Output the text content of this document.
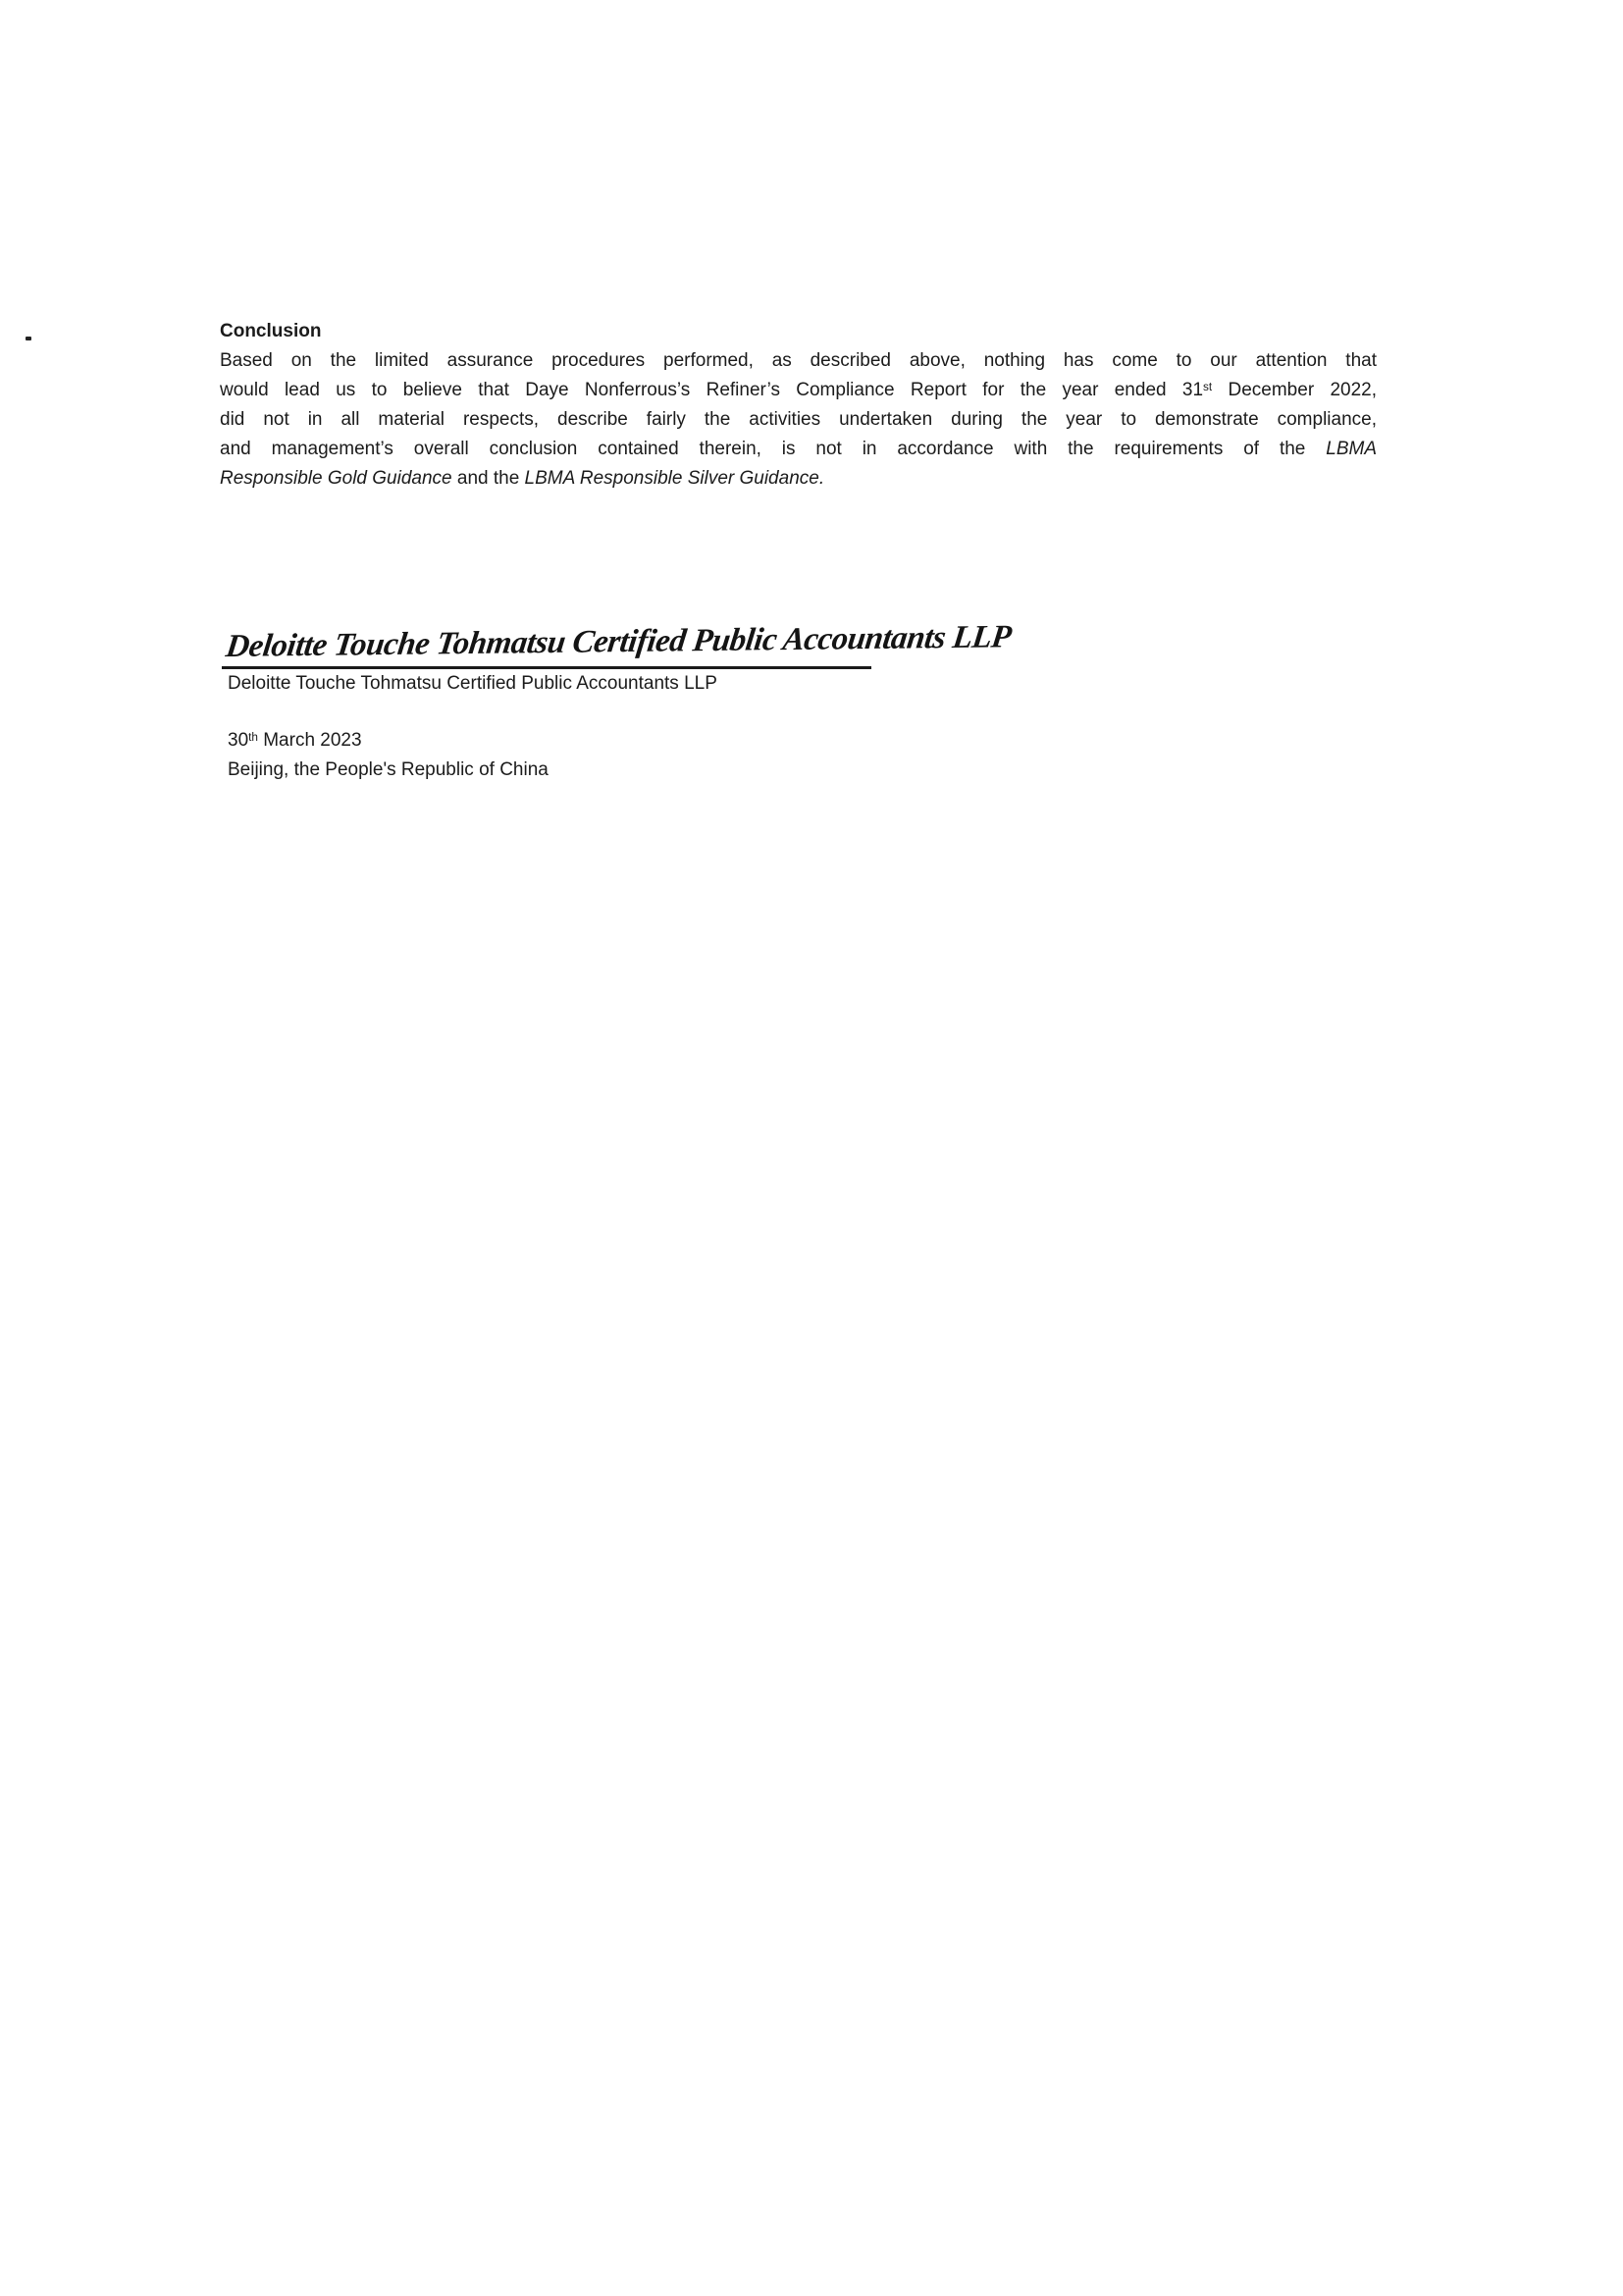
Conclusion
Based on the limited assurance procedures performed, as described above, nothing has come to our attention that
would lead us to believe that Daye Nonferrous’s Refiner’s Compliance Report for the year ended 31st December 2022,
did not in all material respects, describe fairly the activities undertaken during the year to demonstrate compliance,
and management’s overall conclusion contained therein, is not in accordance with the requirements of the LBMA
Responsible Gold Guidance and the LBMA Responsible Silver Guidance.
Deloitte Touche Tohmatsu Certified Public Accountants LLP
Deloitte Touche Tohmatsu Certified Public Accountants LLP
30th March 2023
Beijing, the People's Republic of China
